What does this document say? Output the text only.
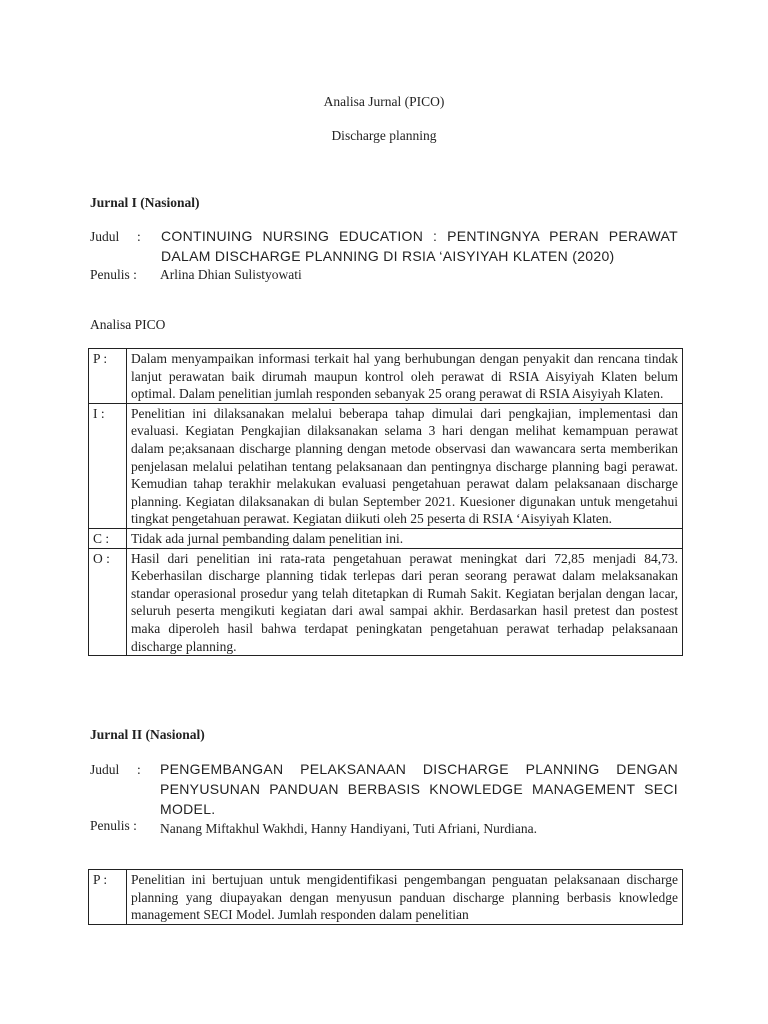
Analisa Jurnal (PICO)
Discharge planning
Jurnal I (Nasional)
Judul : CONTINUING NURSING EDUCATION : PENTINGNYA PERAN PERAWAT DALAM DISCHARGE PLANNING DI RSIA ‘AISYIYAH KLATEN (2020)
Penulis : Arlina Dhian Sulistyowati
Analisa PICO
P :	Dalam menyampaikan informasi terkait hal yang berhubungan dengan penyakit dan rencana tindak lanjut perawatan baik dirumah maupun kontrol oleh perawat di RSIA Aisyiyah Klaten belum optimal. Dalam penelitian jumlah responden sebanyak 25 orang perawat di RSIA Aisyiyah Klaten.
I :	Penelitian ini dilaksanakan melalui beberapa tahap dimulai dari pengkajian, implementasi dan evaluasi. Kegiatan Pengkajian dilaksanakan selama 3 hari dengan melihat kemampuan perawat dalam pe;aksanaan discharge planning dengan metode observasi dan wawancara serta memberikan penjelasan melalui pelatihan tentang pelaksanaan dan pentingnya discharge planning bagi perawat. Kemudian tahap terakhir melakukan evaluasi pengetahuan perawat dalam pelaksanaan discharge planning. Kegiatan dilaksanakan di bulan September 2021. Kuesioner digunakan untuk mengetahui tingkat pengetahuan perawat. Kegiatan diikuti oleh 25 peserta di RSIA ‘Aisyiyah Klaten.
C :	Tidak ada jurnal pembanding dalam penelitian ini.
O :	Hasil dari penelitian ini rata-rata pengetahuan perawat meningkat dari 72,85 menjadi 84,73. Keberhasilan discharge planning tidak terlepas dari peran seorang perawat dalam melaksanakan standar operasional prosedur yang telah ditetapkan di Rumah Sakit. Kegiatan berjalan dengan lacar, seluruh peserta mengikuti kegiatan dari awal sampai akhir. Berdasarkan hasil pretest dan postest maka diperoleh hasil bahwa terdapat peningkatan pengetahuan perawat terhadap pelaksanaan discharge planning.
Jurnal II (Nasional)
Judul : PENGEMBANGAN PELAKSANAAN DISCHARGE PLANNING DENGAN PENYUSUNAN PANDUAN BERBASIS KNOWLEDGE MANAGEMENT SECI MODEL.
Penulis : Nanang Miftakhul Wakhdi, Hanny Handiyani, Tuti Afriani, Nurdiana.
P :	Penelitian ini bertujuan untuk mengidentifikasi pengembangan penguatan pelaksanaan discharge planning yang diupayakan dengan menyusun panduan discharge planning berbasis knowledge management SECI Model. Jumlah responden dalam penelitian
